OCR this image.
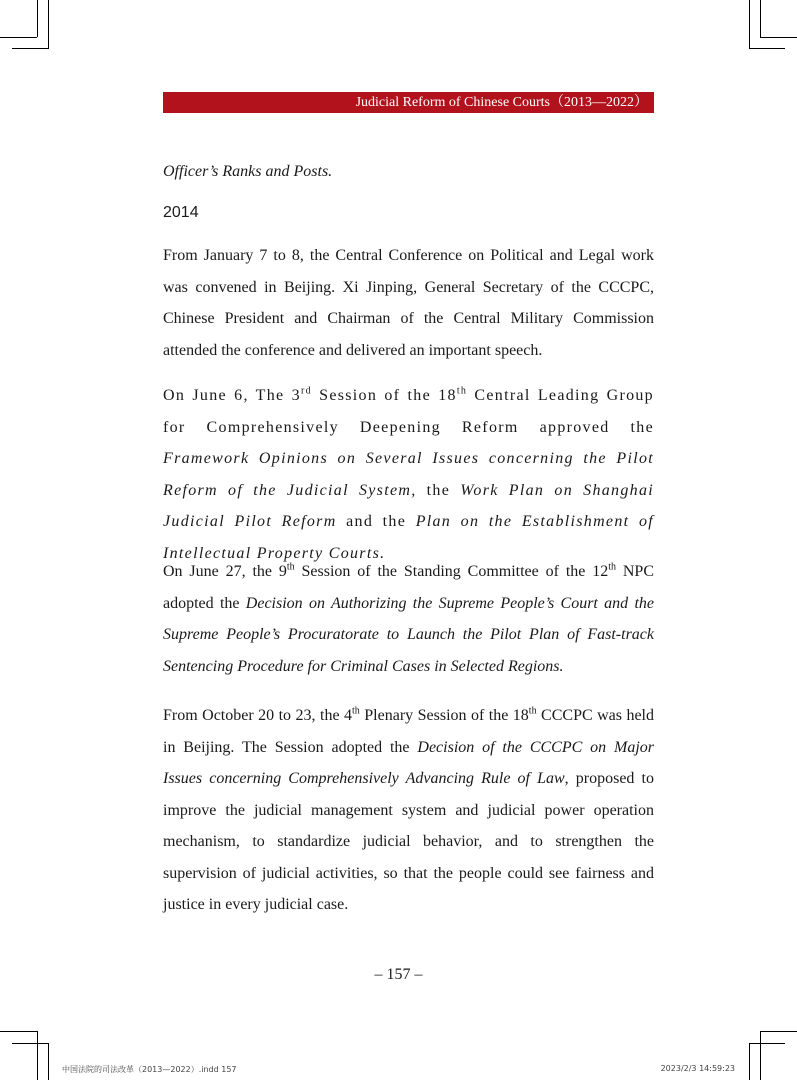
Judicial Reform of Chinese Courts（2013—2022）
Officer’s Ranks and Posts.
2014
From January 7 to 8, the Central Conference on Political and Legal work was convened in Beijing. Xi Jinping, General Secretary of the CCCPC, Chinese President and Chairman of the Central Military Commission attended the conference and delivered an important speech.
On June 6, The 3rd Session of the 18th Central Leading Group for Comprehensively Deepening Reform approved the Framework Opinions on Several Issues concerning the Pilot Reform of the Judicial System, the Work Plan on Shanghai Judicial Pilot Reform and the Plan on the Establishment of Intellectual Property Courts.
On June 27, the 9th Session of the Standing Committee of the 12th NPC adopted the Decision on Authorizing the Supreme People’s Court and the Supreme People’s Procuratorate to Launch the Pilot Plan of Fast-track Sentencing Procedure for Criminal Cases in Selected Regions.
From October 20 to 23, the 4th Plenary Session of the 18th CCCPC was held in Beijing. The Session adopted the Decision of the CCCPC on Major Issues concerning Comprehensively Advancing Rule of Law, proposed to improve the judicial management system and judicial power operation mechanism, to standardize judicial behavior, and to strengthen the supervision of judicial activities, so that the people could see fairness and justice in every judicial case.
– 157 –
中国法院的司法改革（2013—2022）.indd 157	2023/2/3 14:59:23
